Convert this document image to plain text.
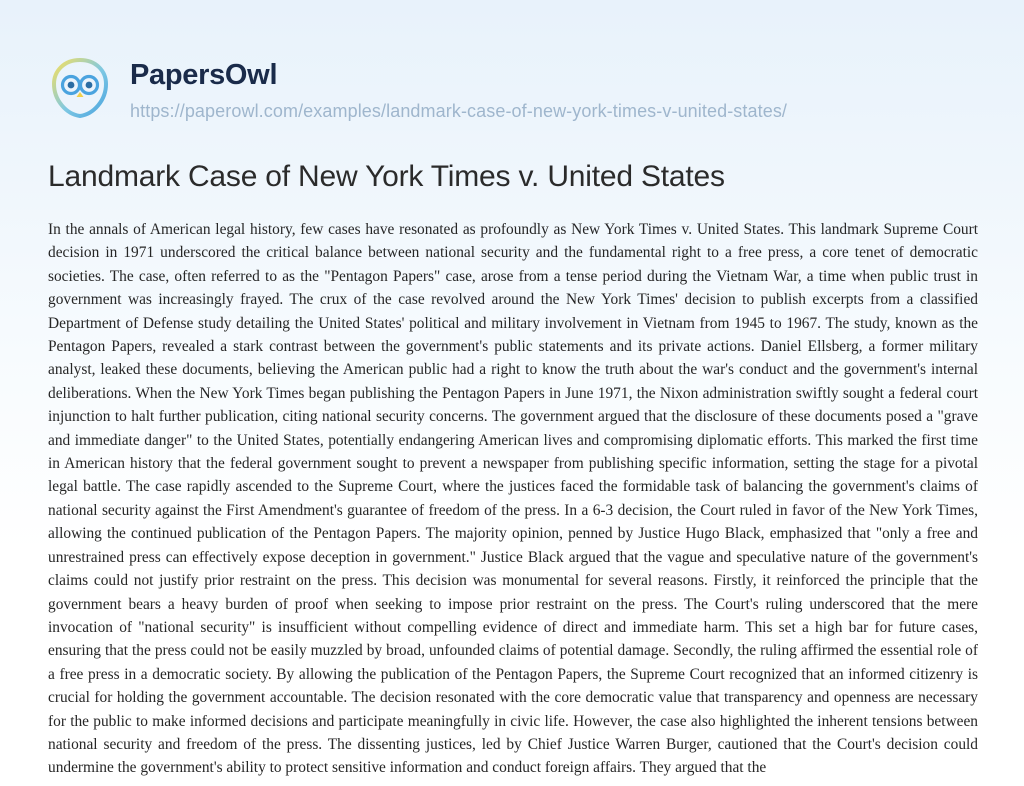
PapersOwl
https://paperowl.com/examples/landmark-case-of-new-york-times-v-united-states/
Landmark Case of New York Times v. United States

In the annals of American legal history, few cases have resonated as profoundly as New York Times v. United States. This landmark Supreme Court decision in 1971 underscored the critical balance between national security and the fundamental right to a free press, a core tenet of democratic societies. The case, often referred to as the "Pentagon Papers" case, arose from a tense period during the Vietnam War, a time when public trust in government was increasingly frayed. The crux of the case revolved around the New York Times' decision to publish excerpts from a classified Department of Defense study detailing the United States' political and military involvement in Vietnam from 1945 to 1967. The study, known as the Pentagon Papers, revealed a stark contrast between the government's public statements and its private actions. Daniel Ellsberg, a former military analyst, leaked these documents, believing the American public had a right to know the truth about the war's conduct and the government's internal deliberations. When the New York Times began publishing the Pentagon Papers in June 1971, the Nixon administration swiftly sought a federal court injunction to halt further publication, citing national security concerns. The government argued that the disclosure of these documents posed a "grave and immediate danger" to the United States, potentially endangering American lives and compromising diplomatic efforts. This marked the first time in American history that the federal government sought to prevent a newspaper from publishing specific information, setting the stage for a pivotal legal battle. The case rapidly ascended to the Supreme Court, where the justices faced the formidable task of balancing the government's claims of national security against the First Amendment's guarantee of freedom of the press. In a 6-3 decision, the Court ruled in favor of the New York Times, allowing the continued publication of the Pentagon Papers. The majority opinion, penned by Justice Hugo Black, emphasized that "only a free and unrestrained press can effectively expose deception in government." Justice Black argued that the vague and speculative nature of the government's claims could not justify prior restraint on the press. This decision was monumental for several reasons. Firstly, it reinforced the principle that the government bears a heavy burden of proof when seeking to impose prior restraint on the press. The Court's ruling underscored that the mere invocation of "national security" is insufficient without compelling evidence of direct and immediate harm. This set a high bar for future cases, ensuring that the press could not be easily muzzled by broad, unfounded claims of potential damage. Secondly, the ruling affirmed the essential role of a free press in a democratic society. By allowing the publication of the Pentagon Papers, the Supreme Court recognized that an informed citizenry is crucial for holding the government accountable. The decision resonated with the core democratic value that transparency and openness are necessary for the public to make informed decisions and participate meaningfully in civic life. However, the case also highlighted the inherent tensions between national security and freedom of the press. The dissenting justices, led by Chief Justice Warren Burger, cautioned that the Court's decision could undermine the government's ability to protect sensitive information and conduct foreign affairs. They argued that the
